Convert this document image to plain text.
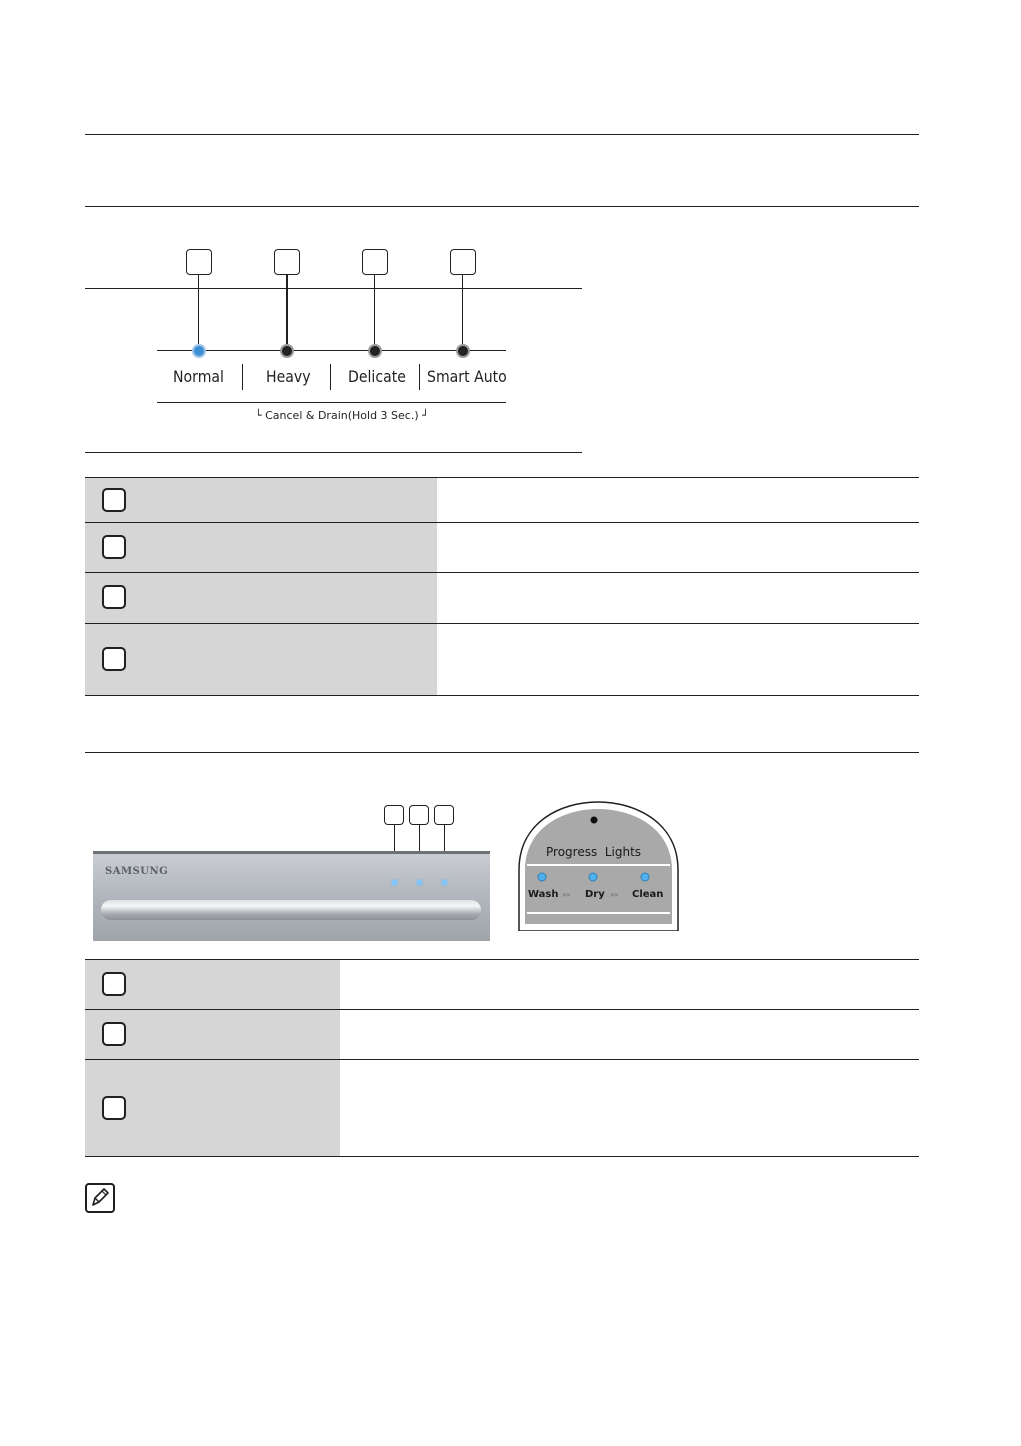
Normal	Heavy Delicate Smart Auto
└ Cancel & Drain(Hold 3 Sec.) ┘
SAMSUNG
Progress  Lights
Wash ▸▸ Dry ▸▸ Clean
